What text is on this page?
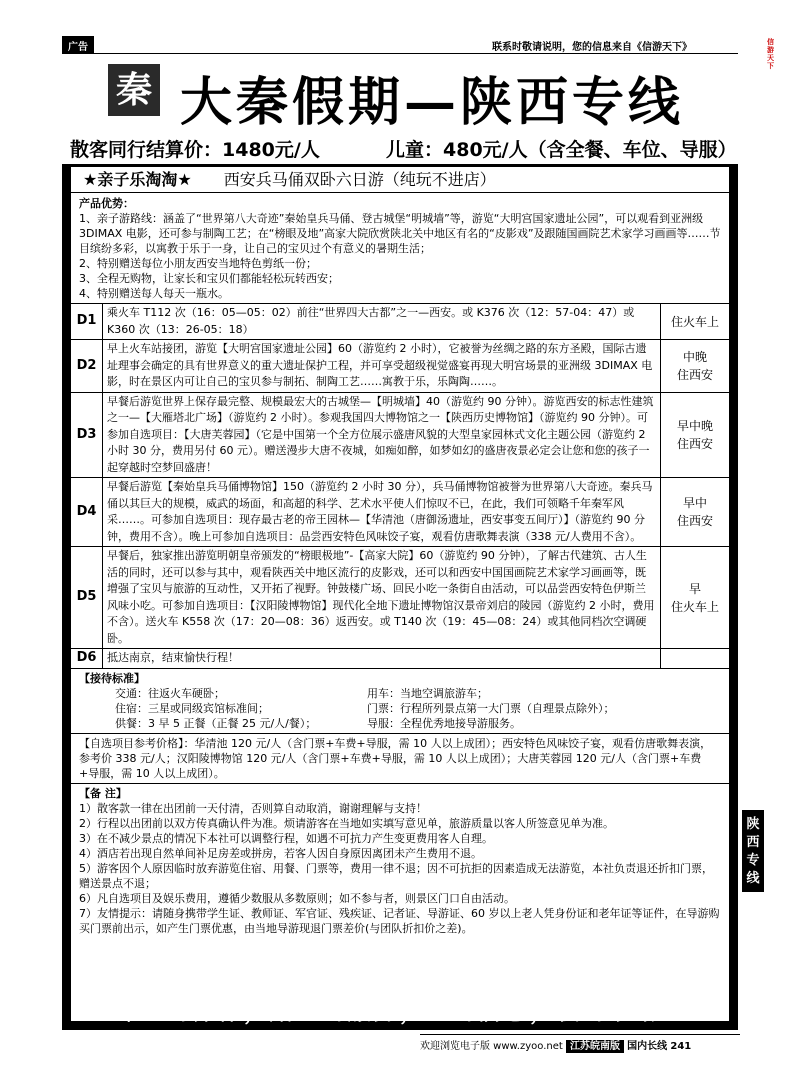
广告	联系时敬请说明，您的信息来自《信游天下》	信游天下
秦 大秦假期—陕西专线
散客同行结算价：1480元/人	儿童：480元/人（含全餐、车位、导服）
★亲子乐淘淘★ 西安兵马俑双卧六日游（纯玩不进店）
产品优势：
1、亲子游路线：涵盖了“世界第八大奇迹”秦始皇兵马俑、登古城堡“明城墙”等，游览“大明宫国家遗址公园”，可以观看到亚洲级 3DIMAX 电影，还可参与制陶工艺；在“榜眼及地”高家大院欣赏陕北关中地区有名的“皮影戏”及跟随国画院艺术家学习画画等……节目缤纷多彩，以寓教于乐于一身，让自己的宝贝过个有意义的暑期生活；
2、特别赠送每位小朋友西安当地特色剪纸一份；
3、全程无购物，让家长和宝贝们都能轻松玩转西安；
4、特别赠送每人每天一瓶水。
D1
乘火车 T112 次（16：05—05：02）前往“世界四大古都”之一—西安。或 K376 次（12：57-04：47）或 K360 次（13：26-05：18）
住火车上
D2
早上火车站接团，游览【大明宫国家遗址公园】60（游览约 2 小时），它被誉为丝绸之路的东方圣殿，国际古遗址理事会确定的具有世界意义的重大遗址保护工程，并可享受超级视觉盛宴再现大明宫场景的亚洲级 3DIMAX 电影，时在景区内可让自己的宝贝参与制拓、制陶工艺……寓教于乐，乐陶陶……。
中晚
住西安
D3
早餐后游览世界上保存最完整、规模最宏大的古城堡—【明城墙】40（游览约 90 分钟）。游览西安的标志性建筑之一—【大雁塔北广场】（游览约 2 小时）。参观我国四大博物馆之一【陕西历史博物馆】（游览约 90 分钟）。可参加自选项目：【大唐芙蓉园】（它是中国第一个全方位展示盛唐风貌的大型皇家园林式文化主题公园（游览约 2 小时 30 分，费用另付 60 元）。赠送漫步大唐不夜城，如痴如醉，如梦如幻的盛唐夜景必定会让您和您的孩子一起穿越时空梦回盛唐！
早中晚
住西安
D4
早餐后游览【秦始皇兵马俑博物馆】150（游览约 2 小时 30 分），兵马俑博物馆被誉为世界第八大奇迹。秦兵马俑以其巨大的规模，威武的场面，和高超的科学、艺术水平使人们惊叹不已，在此，我们可领略千年秦军风采……。可参加自选项目：现存最古老的帝王园林—【华清池（唐御汤遗址，西安事变五间厅）】（游览约 90 分钟，费用不含）。晚上可参加自选项目：品尝西安特色风味饺子宴，观看仿唐歌舞表演（338 元/人费用不含）。
早中
住西安
D5
早餐后，独家推出游览明朝皇帝颁发的“榜眼极地”-【高家大院】60（游览约 90 分钟），了解古代建筑、古人生活的同时，还可以参与其中，观看陕西关中地区流行的皮影戏，还可以和西安中国国画院艺术家学习画画等，既增强了宝贝与旅游的互动性，又开拓了视野。钟鼓楼广场、回民小吃一条街自由活动，可以品尝西安特色伊斯兰风味小吃。可参加自选项目：【汉阳陵博物馆】现代化全地下遗址博物馆汉景帝刘启的陵园（游览约 2 小时，费用不含）。送火车 K558 次（17：20—08：36）返西安。或 T140 次（19：45—08：24）或其他同档次空调硬卧。
早
住火车上
D6 抵达南京，结束愉快行程！
【接待标准】
交通：往返火车硬卧；	用车：当地空调旅游车；
住宿：三星或同级宾馆标准间；	门票：行程所列景点第一大门票（自理景点除外）；
供餐：3 早 5 正餐（正餐 25 元/人/餐）；	导服：全程优秀地接导游服务。
【自选项目参考价格】：华清池 120 元/人（含门票+车费+导服，需 10 人以上成团）；西安特色风味饺子宴，观看仿唐歌舞表演，参考价 338 元/人；汉阳陵博物馆 120 元/人（含门票+车费+导服，需 10 人以上成团）；大唐芙蓉园 120 元/人（含门票+车费+导服，需 10 人以上成团）。
【备 注】
1）散客款一律在出团前一天付清，否则算自动取消，谢谢理解与支持！
2）行程以出团前以双方传真确认件为准。烦请游客在当地如实填写意见单，旅游质量以客人所签意见单为准。
3）在不减少景点的情况下本社可以调整行程，如遇不可抗力产生变更费用客人自理。
4）酒店若出现自然单间补足房差或拼房，若客人因自身原因离团未产生费用不退。
5）游客因个人原因临时放弃游览住宿、用餐、门票等，费用一律不退；因不可抗拒的因素造成无法游览，本社负责退还折扣门票，赠送景点不退；
6）凡自选项目及娱乐费用，遵循少数服从多数原则；如不参与者，则景区门口自由活动。
7）友情提示：请随身携带学生证、教师证、军官证、残疾证、记者证、导游证、60 岁以上老人凭身份证和老年证等证件，在导游购买门票前出示，如产生门票优惠，由当地导游现退门票差价(与团队折扣价之差)。
咨询电话：025-68876029 84962080 传 真：025-68876029
联系人：小王 18921407839	业务QQ：1525935169
专业的操作，贴心的服务，您的满意，我的承诺！
陕西专线
欢迎浏览电子版 www.zyoo.net 江苏皖南版 国内长线 241
